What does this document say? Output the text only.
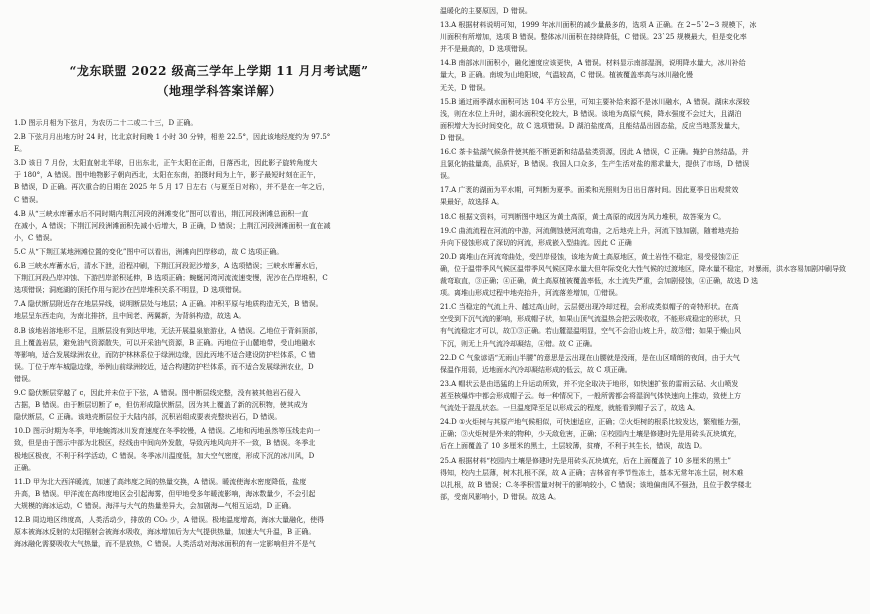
“龙东联盟 2022 级高三学年上学期 11 月月考试题”
（地理学科答案详解）
1.D 图示月相为下弦月，为农历二十二或二十三，D 正确。
2.B 下弦月月出地方时 24 时，比北京时间晚 1 小时 30 分钟，相差 22.5°，因此该地经度约为 97.5°
E。
3.D 该日 7 月份，太阳直射北半球，日出东北，正午太阳在正南，日落西北，因此影子旋转角度大
于 180°，A 错误。图中地物影子朝向西北，太阳在东南，拍摄时间为上午，影子最短时刻在正午，
B 错误，D 正确。再次重合的日期在 2025 年 5 月 17 日左右（与夏至日对称），并不是在一年之后，
C 错误。
4.B 从“三峡水库蓄水后不同时期内荆江河段的洲滩变化”图可以看出，荆江河段洲滩总面积一直
在减小，A 错误；下荆江河段洲滩面积先减小后增大，B 正确，D 错误；上荆江河段洲滩面积一直在减
小，C 错误。
5.C 从“下荆江某地洲滩位置的变化”图中可以看出，洲滩向凹岸移动，故 C 选项正确。
6.B 三峡水库蓄水后，清水下泄，沿程冲刷，下荆江河段泥沙增多，A 选项错误；三峡水库蓄水后，
下荆江河段凸岸冲蚀、下游凹岸淤积延伸，B 选项正确；蜿蜒河湾河流流速变慢，泥沙在凸岸堆积，C
选项错误；洞庭湖的顶托作用与泥沙在凹岸堆积关系不明显，D 选项错误。
7.A 隐伏断层附近存在地层异线，说明断层处与地层；A 正确。冲积平原与地质构造无关，B 错误。
地层呈东西走向，为南北排挤，且中间老、两翼新，为背斜构造，故选 A。
8.B 该地岩溶地形不足，且断层没有到达甲地，无法开展温泉旅游业，A 错误。乙地位于背斜顶部，
且上覆盖岩层，避免油气资源散失，可以开采油气资源，B 正确。丙地位于山麓地带，受山地融水
等影响，适合发展绿洲农业，而防护林林系位于绿洲边缘，因此丙地不适合建设防护栏体系，C 错
误。丁位于库车城隐边缘，举例山前绿洲较近，适合构建防护栏体系，而不适合发展绿洲农业，D
错误。
9.C 隐伏断层穿越了 c，因此并未位于下弦，A 错误。图中断层线完整，没有被其他岩石侵入
古据，B 错误。由于断层切断了 e，但仿形成隐伏断层，因为其上覆盖了新的沉积物，使其成为
隐伏断层，C 正确。该地壳断层位于大陆内部，沉积岩组成要表壳整块岩石，D 错误。
10.D 图示时期为冬季，甲地蜿湾冰川发育速度在冬季较慢，A 错误。乙地和丙地虽然等压线走向一
致，但是由于图示中部为北极区，经线由中间向外发散，导致丙地风向并不一致，B 错误。冬季北
极地区极夜，不利于科学活动，C 错误。冬季冰川温度低，加大空气密度，形成下沉的冰川风，D
正确。
11.D 甲为北大西洋暖流，加速了高纬度之间的热量交换，A 错误。暖流使海水密度降低，盐度
升高，B 错误。甲洋流在高纬度地区会引起海雾，但甲地受多年暖流影响，海冰数量少，不会引起
大规模的海冰运动，C 错误。海洋与大气的热量差异大，会加剧海—气相互运动，D 正确。
12.B 周边地区纬度高，人类活动少，排放的 CO₂ 少，A 错误。极地温度增高，海冰大量融化，使得
原本被海冰反射的太阳辐射会被海水吸收，海冰增加后为大气提供热量，加速大气升温，B 正确。
海冰融化需要吸收大气热量，而不是放热，C 错误。人类活动对海冰面积的有一定影响但并不是气
温暖化的主要原因，D 错误。
13.A 根据材料说明可知，1999 年冰川面积的减少量最多的，选项 A 正确。在 2~5`2~3 规模下，冰
川面积有所增加，选项 B 错误。整体冰川面积在持续降低，C 错误。23`25 规模最大，但是变化率
并不是最高的，D 选项错误。
14.B 南部冰川面积小，融化速度应该更快，A 错误。材料显示南部湿润，说明降水量大，冰川补给
量大，B 正确。南坡为山地阳坡，气温较高，C 错误。植被覆盖率高与冰川融化慢
无关，D 错误。
15.B 通过雨季湖水面积可达 104 平方公里，可知主要补给来源不是冰川融水，A 错误。湖床水深较
浅，则在水位上升时，湖水面积变化较大，B 错误。该地为高原气候，降水强度不会过大，且湖泊
面积增大为长时间变化，故 C 选项错误。D 湖泊盐度高，且能结晶出固态盐，反应当地蒸发量大，
D 错误。
16.C 茶卡盐湖气候条件使其能不断更新和结晶盐类资源，因此 A 错误，C 正确。掩护自然结晶，并
且氯化钠盐量高，品质好，B 错误。我国人口众多，生产生活对盐的需求量大，提供了市场，D 错误
误。
17.A 广袤的湖面为平水期，可判断为夏季。面柔和光照则为日出日落时间。因此夏季日出观赏效
果最好，故选择 A。
18.C 根据文资料，可判断图中地区为黄土高原，黄土高原的成因为风力堆积，故答案为 C。
19.C 曲流流程在河流的中游，河流侧蚀使河流弯曲，之后地壳上升，河流下蚀加剧，随着地壳抬
升向下侵蚀形成了深切的河流，形成嵌入型曲流。因此 C 正确
20.D 离堆山在河流弯曲处，受凹岸侵蚀，该地为黄土高原地区，黄土岩性不稳定，易受侵蚀②正
确，位于温带季风气候区温带季风气候区降水量大但年际变化大性气候的过渡地区，降水量不稳定，对暴雨，洪水容易加剧冲刷导致
裁弯取直，③正确；④正确，黄土高原植被覆盖率低，水土流失严重，会加剧侵蚀，④正确，故选 D 选
项。离堆山形成过程中地壳抬升，河流落差增加，①错误。
21.C 当稳定的气流上升、越过高山时，云层便出现冷却过程，会形成类似帽子的奇特形状。在高
空受到下沉气流的影响，形成帽子状，如果山顶气流温热会把云吸收收，不能形成稳定的形状，只
有气流稳定才可以，故①③正确。若山麓湿温明显，空气不会沿山坡上升，故③错；如果于燥山风
下沉，则无上升气流冷却凝结，④错。故 C 正确。
22.D C 气象谚语“无雨山半腰”的意思是云出现在山腰就是没雨，是在山区晴朗的夜间，由于大气
保温作用弱，近地面水汽冷却凝结形成的低云，故 C 项正确。
23.A 帽状云是由迅猛的上升运动所致，并不完全取决于地形，如快速扩张的雷雨云砧、火山喷发
甚至核爆炸中都会形成帽子云。每一种情况下，一般所需都会将湿润气体快速向上推动，致使上方
气流处于混乱状态。一旦温度降至足以形成云的程度，就能看到帽子云了，故选 A。
24.D ①火炬树与其原产地气候相似，可快速适应，正确；②火炬树的根系比较发达，繁殖能力强，
正确；③火炬树是外来的物种，少天敌危害，正确；④校园内土壤是修建时先是用砖头瓦块填充，
后在上面覆盖了 10 多厘米的黑土，土层较薄，贫瘠，不利于其生长，错误，故选 D。
25.A 根据材料“校园内土壤是修建时先是用砖头瓦块填充，后在上面覆盖了 10 多厘米的黑土”
得知，校内土层薄，树木扎根不深，故 A 正确；吉林省有季节性冻土，基本无常年冻土层，树木难
以扎根，故 B 错误；C.冬季积雪量对树干的影响较小，C 错误；该地偏南风不强劲，且位于教学楼北
部，受南风影响小，D 错误。故选 A。
